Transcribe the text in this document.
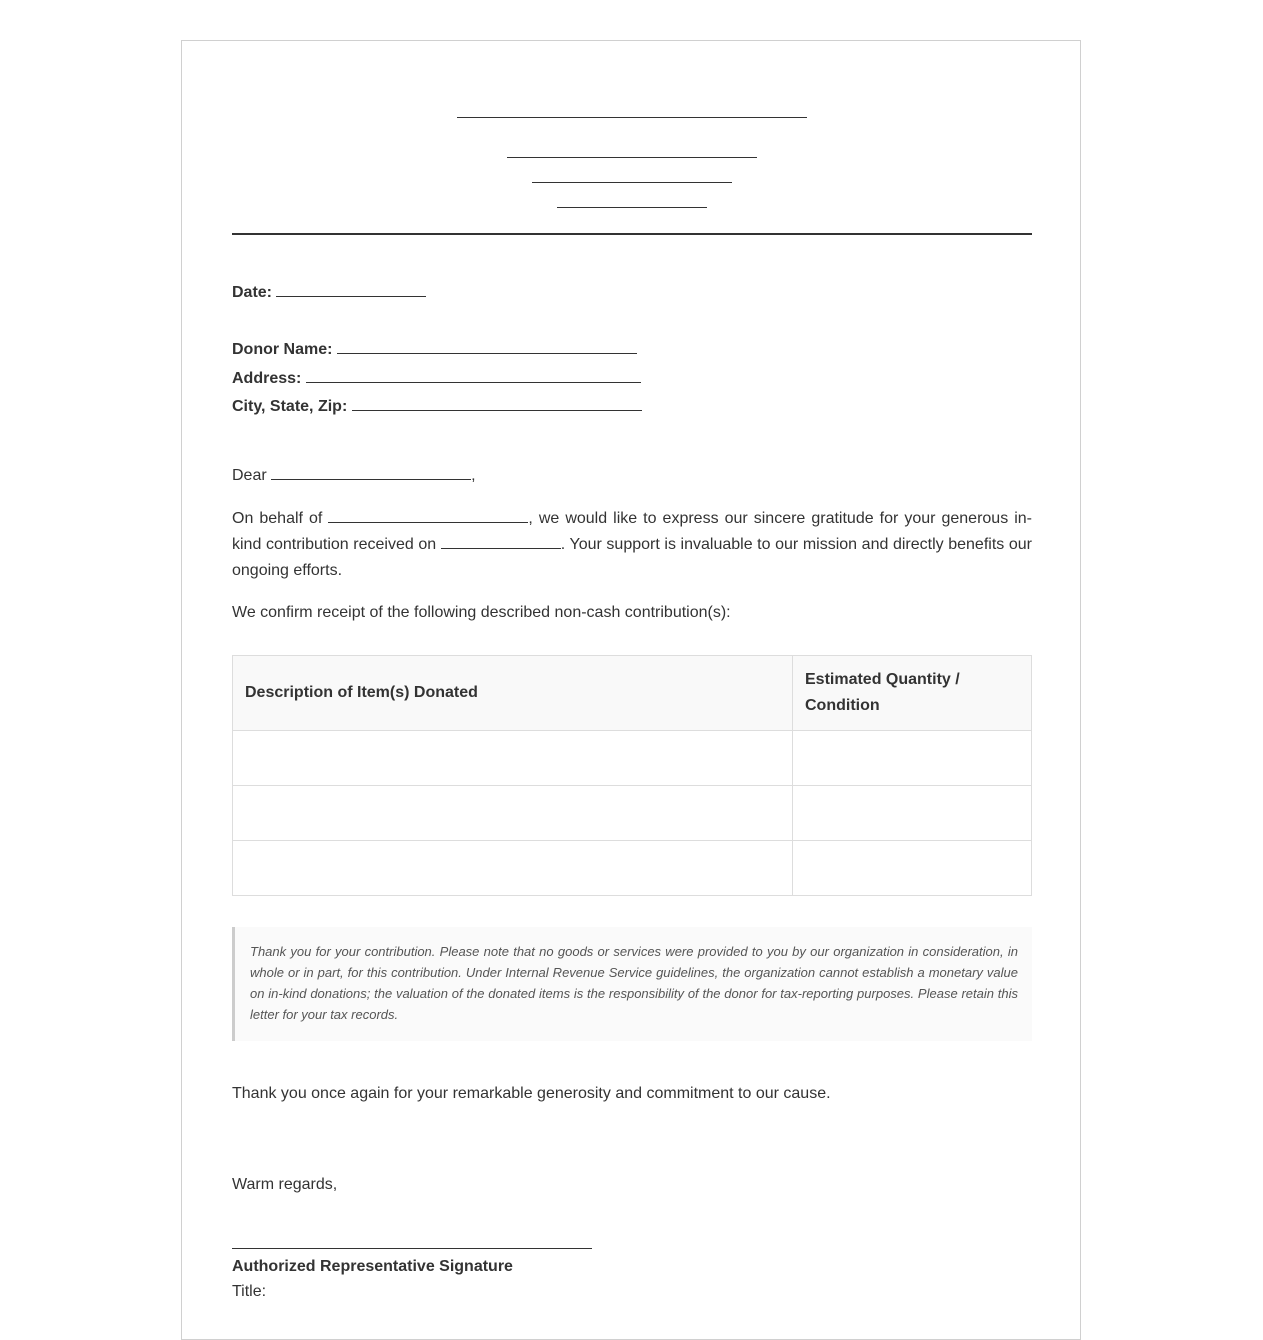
Date:
Donor Name:
Address:
City, State, Zip:
Dear	,
On behalf of	, we would like to express our sincere gratitude for your generous in-kind contribution received on	. Your support is invaluable to our mission and directly benefits our ongoing efforts.
We confirm receipt of the following described non-cash contribution(s):
Description of Item(s) Donated	Estimated Quantity / Condition

Thank you for your contribution. Please note that no goods or services were provided to you by our organization in consideration, in whole or in part, for this contribution. Under Internal Revenue Service guidelines, the organization cannot establish a monetary value on in-kind donations; the valuation of the donated items is the responsibility of the donor for tax-reporting purposes. Please retain this letter for your tax records.
Thank you once again for your remarkable generosity and commitment to our cause.
Warm regards,
Authorized Representative Signature
Title:
